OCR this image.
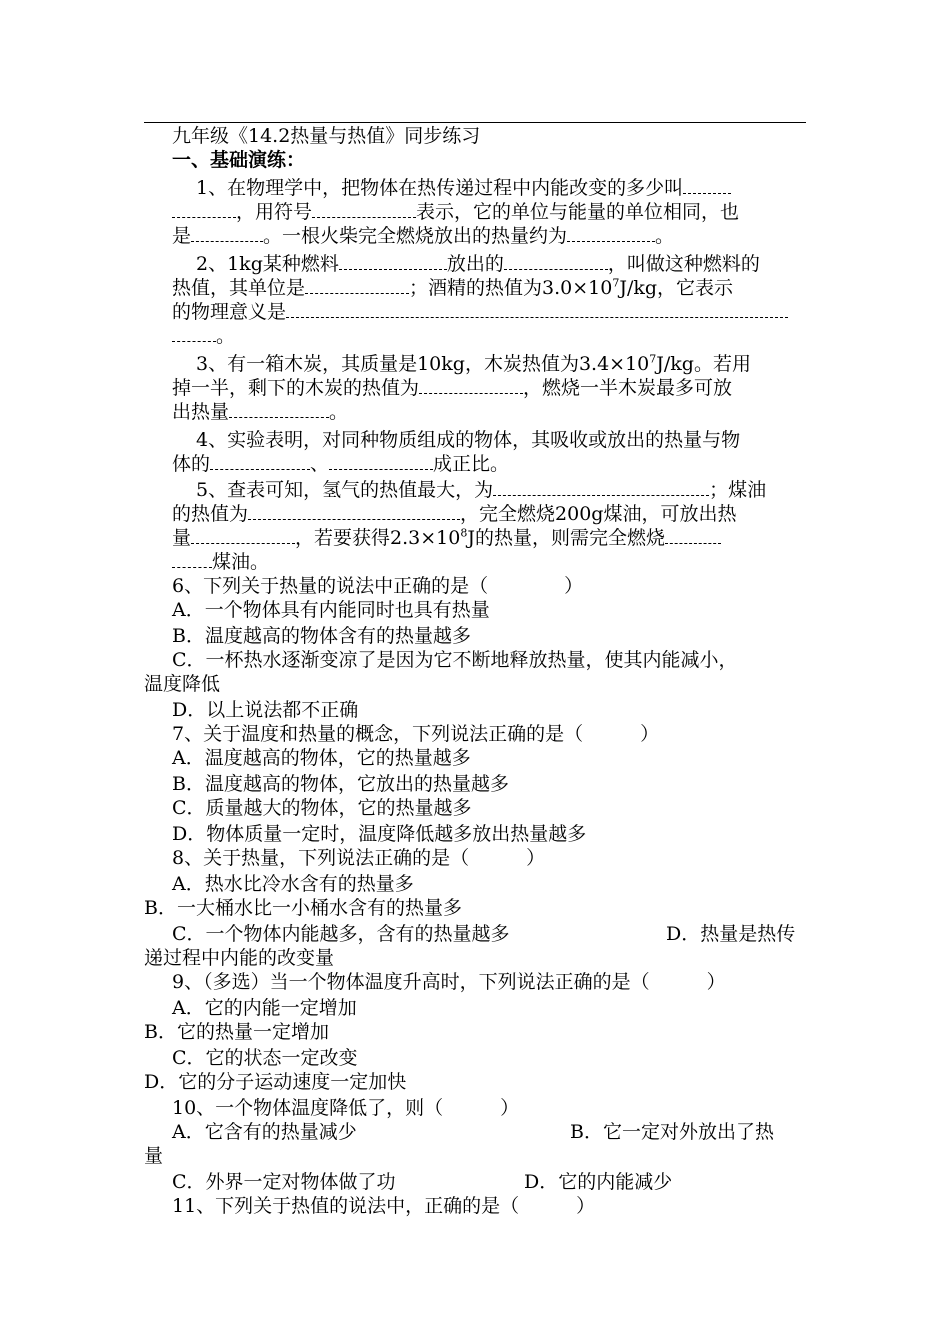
九年级《14.2热量与热值》同步练习
一、基础演练：
1、在物理学中，把物体在热传递过程中内能改变的多少叫
，用符号	表示，它的单位与能量的单位相同，也
是	。一根火柴完全燃烧放出的热量约为	。
2、1kg某种燃料	放出的	，叫做这种燃料的
热值，其单位是	；酒精的热值为$3.0\times 10^7J/kg$，它表示
的物理意义是
。
3、有一箱木炭，其质量是10kg，木炭热值为$3.4\times 10^7J/kg$。若用
掉一半，剩下的木炭的热值为	，燃烧一半木炭最多可放
出热量	。
4、实验表明，对同种物质组成的物体，其吸收或放出的热量与物
体的	、	成正比。
5、查表可知，氢气的热值最大，为	；煤油
的热值为	，完全燃烧200g煤油，可放出热
量	，若要获得$2.3\times 10^8J$的热量，则需完全燃烧
煤油。
6、下列关于热量的说法中正确的是（　　　　）
A．一个物体具有内能同时也具有热量
B．温度越高的物体含有的热量越多
C．一杯热水逐渐变凉了是因为它不断地释放热量，使其内能减小，
温度降低
D．以上说法都不正确
7、关于温度和热量的概念，下列说法正确的是（　　　）
A．温度越高的物体，它的热量越多
B．温度越高的物体，它放出的热量越多
C．质量越大的物体，它的热量越多
D．物体质量一定时，温度降低越多放出热量越多
8、关于热量，下列说法正确的是（　　　）
A．热水比冷水含有的热量多
B．一大桶水比一小桶水含有的热量多
C．一个物体内能越多，含有的热量越多	D．热量是热传
递过程中内能的改变量
9、（多选）当一个物体温度升高时，下列说法正确的是（　　　）
A．它的内能一定增加
B．它的热量一定增加
C．它的状态一定改变
D．它的分子运动速度一定加快
10、一个物体温度降低了，则（　　　）
A．它含有的热量减少	B．它一定对外放出了热
量
C．外界一定对物体做了功	D．它的内能减少
11、下列关于热值的说法中，正确的是（　　　）
